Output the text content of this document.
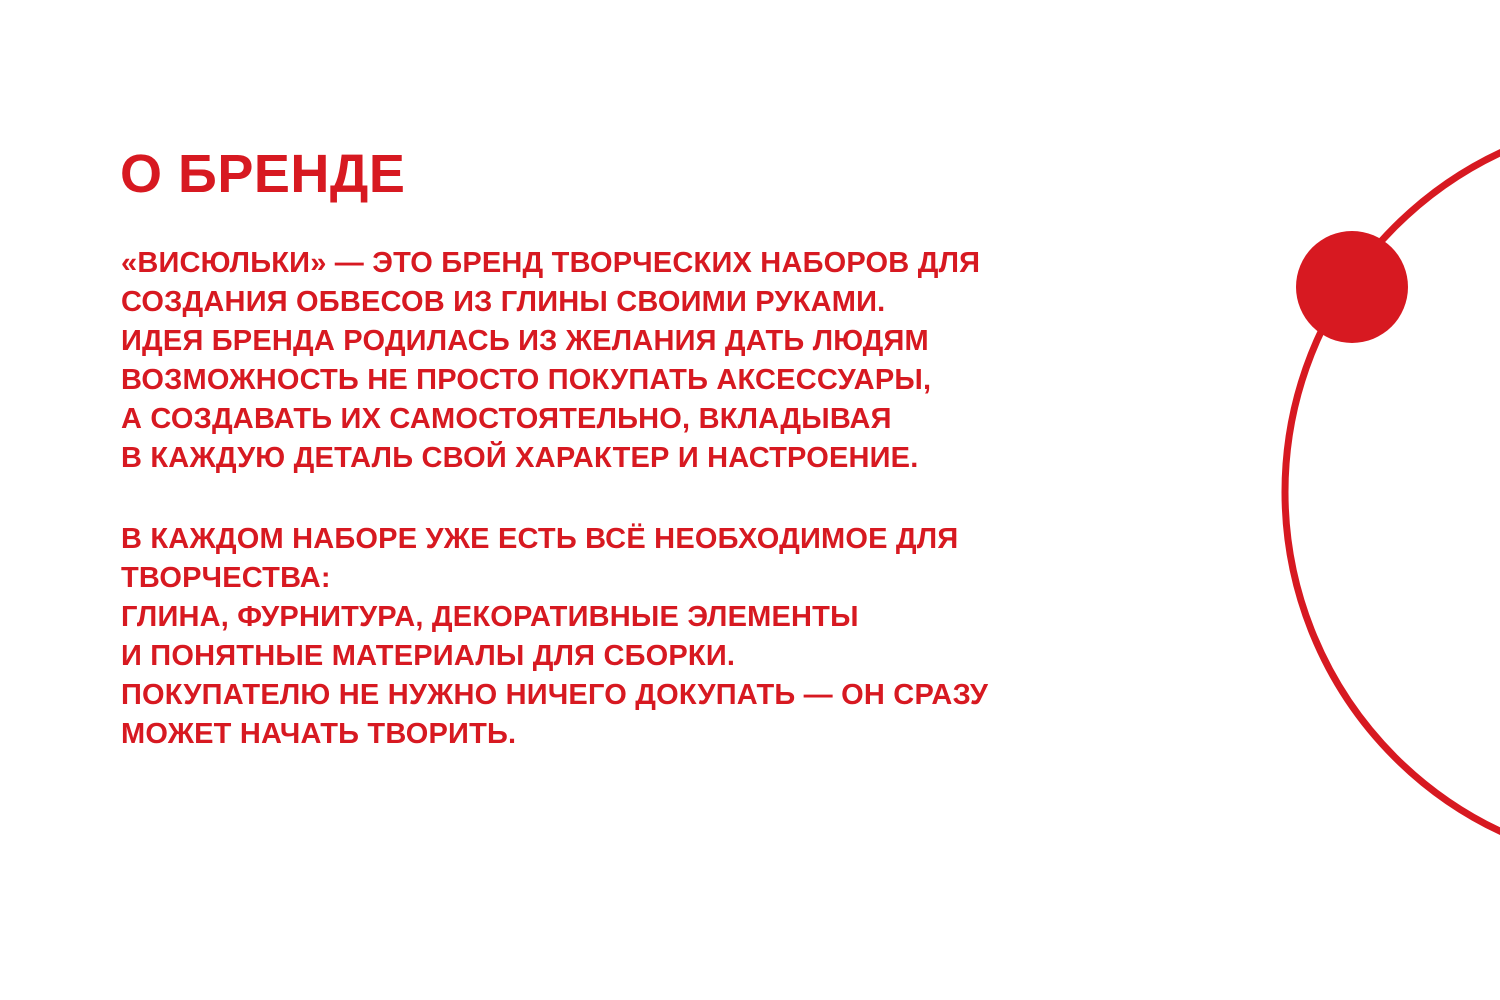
О БРЕНДЕ

«ВИСЮЛЬКИ» — ЭТО БРЕНД ТВОРЧЕСКИХ НАБОРОВ ДЛЯ
СОЗДАНИЯ ОБВЕСОВ ИЗ ГЛИНЫ СВОИМИ РУКАМИ.
ИДЕЯ БРЕНДА РОДИЛАСЬ ИЗ ЖЕЛАНИЯ ДАТЬ ЛЮДЯМ
ВОЗМОЖНОСТЬ НЕ ПРОСТО ПОКУПАТЬ АКСЕССУАРЫ,
А СОЗДАВАТЬ ИХ САМОСТОЯТЕЛЬНО, ВКЛАДЫВАЯ
В КАЖДУЮ ДЕТАЛЬ СВОЙ ХАРАКТЕР И НАСТРОЕНИЕ.

В КАЖДОМ НАБОРЕ УЖЕ ЕСТЬ ВСЁ НЕОБХОДИМОЕ ДЛЯ
ТВОРЧЕСТВА:
ГЛИНА, ФУРНИТУРА, ДЕКОРАТИВНЫЕ ЭЛЕМЕНТЫ
И ПОНЯТНЫЕ МАТЕРИАЛЫ ДЛЯ СБОРКИ.
ПОКУПАТЕЛЮ НЕ НУЖНО НИЧЕГО ДОКУПАТЬ — ОН СРАЗУ
МОЖЕТ НАЧАТЬ ТВОРИТЬ.
